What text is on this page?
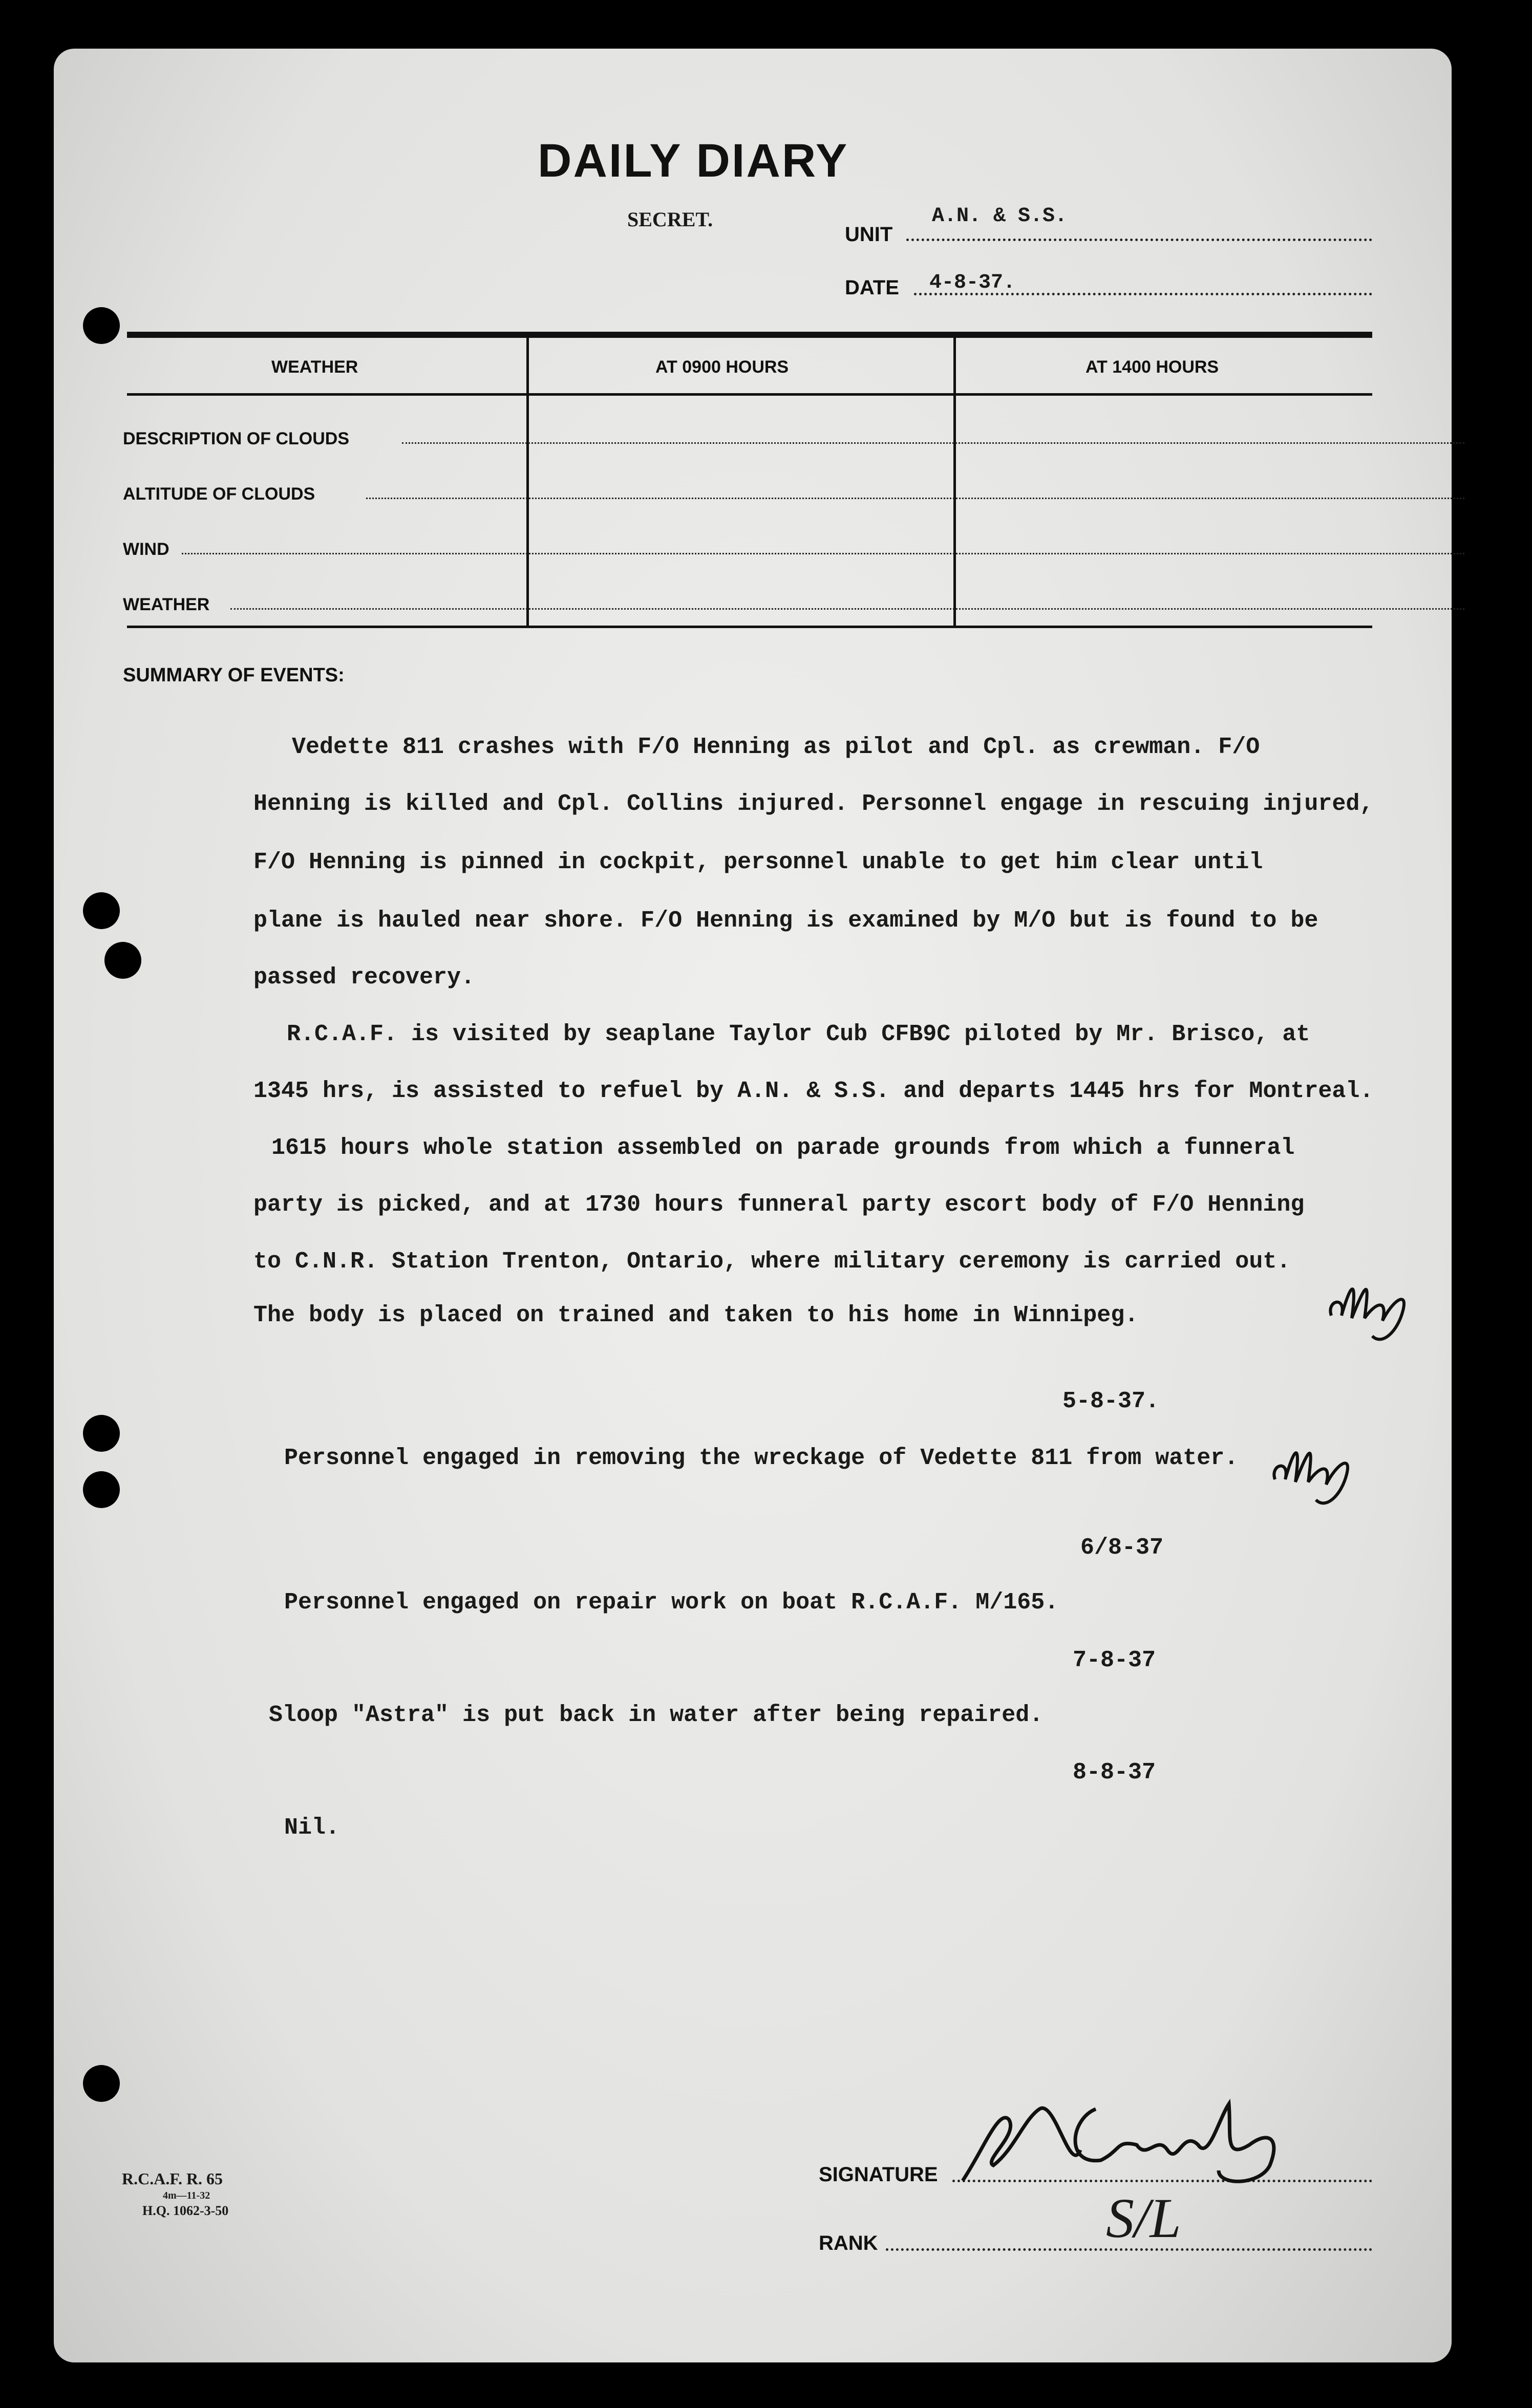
DAILY DIARY
SECRET.
UNIT
A.N. & S.S.
DATE 4-8-37.
WEATHER	AT 0900 HOURS	AT 1400 HOURS
DESCRIPTION OF CLOUDS
ALTITUDE OF CLOUDS
WIND
WEATHER
SUMMARY OF EVENTS:
Vedette 811 crashes with F/O Henning as pilot and Cpl. as crewman. F/O
Henning is killed and Cpl. Collins injured. Personnel engage in rescuing injured,
F/O Henning is pinned in cockpit, personnel unable to get him clear until
plane is hauled near shore. F/O Henning is examined by M/O but is found to be
passed recovery.
R.C.A.F. is visited by seaplane Taylor Cub CFB9C piloted by Mr. Brisco, at
1345 hrs, is assisted to refuel by A.N. & S.S. and departs 1445 hrs for Montreal.
1615 hours whole station assembled on parade grounds from which a funneral
party is picked, and at 1730 hours funneral party escort body of F/O Henning
to C.N.R. Station Trenton, Ontario, where military ceremony is carried out.
The body is placed on trained and taken to his home in Winnipeg.
5-8-37.
Personnel engaged in removing the wreckage of Vedette 811 from water.
6/8-37
Personnel engaged on repair work on boat R.C.A.F. M/165.
7-8-37
Sloop "Astra" is put back in water after being repaired.
8-8-37
Nil.
R.C.A.F. R. 65
4m—11-32
H.Q. 1062-3-50
SIGNATURE
RANK	S/L
